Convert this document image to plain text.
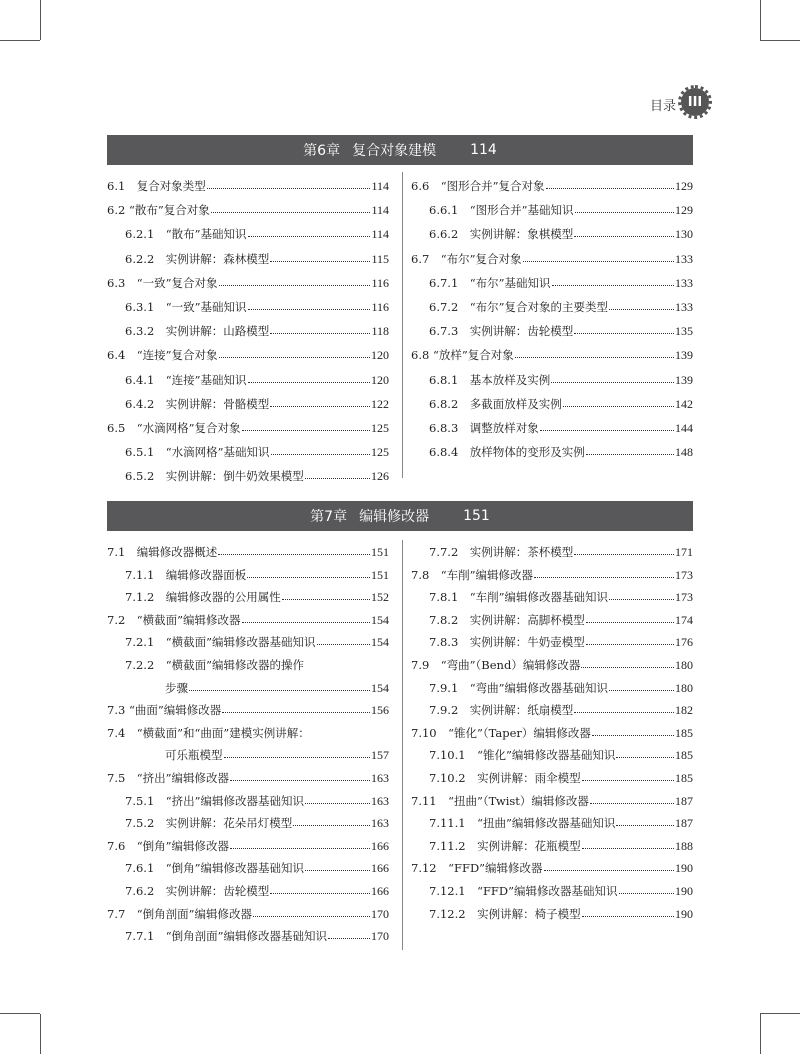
目录 III
第6章 复合对象建模 114
6.1　复合对象类型	114
6.2 “散布”复合对象	114
6.2.1　“散布”基础知识	114
6.2.2　实例讲解：森林模型	115
6.3　“一致”复合对象	116
6.3.1　“一致”基础知识	116
6.3.2　实例讲解：山路模型	118
6.4　“连接”复合对象	120
6.4.1　“连接”基础知识	120
6.4.2　实例讲解：骨骼模型	122
6.5　“水滴网格”复合对象	125
6.5.1　“水滴网格”基础知识	125
6.5.2　实例讲解：倒牛奶效果模型	126
6.6　“图形合并”复合对象	129
6.6.1　“图形合并”基础知识	129
6.6.2　实例讲解：象棋模型	130
6.7　“布尔”复合对象	133
6.7.1　“布尔”基础知识	133
6.7.2　“布尔”复合对象的主要类型	133
6.7.3　实例讲解：齿轮模型	135
6.8 “放样”复合对象	139
6.8.1　基本放样及实例	139
6.8.2　多截面放样及实例	142
6.8.3　调整放样对象	144
6.8.4　放样物体的变形及实例	148
第7章 编辑修改器 151
7.1　编辑修改器概述	151
7.1.1　编辑修改器面板	151
7.1.2　编辑修改器的公用属性	152
7.2　“横截面”编辑修改器	154
7.2.1　“横截面”编辑修改器基础知识	154
7.2.2　“横截面”编辑修改器的操作
步骤	154
7.3 “曲面”编辑修改器	156
7.4　“横截面”和“曲面”建模实例讲解：
可乐瓶模型	157
7.5　“挤出”编辑修改器	163
7.5.1　“挤出”编辑修改器基础知识	163
7.5.2　实例讲解：花朵吊灯模型	163
7.6　“倒角”编辑修改器	166
7.6.1　“倒角”编辑修改器基础知识	166
7.6.2　实例讲解：齿轮模型	166
7.7　“倒角剖面”编辑修改器	170
7.7.1　“倒角剖面”编辑修改器基础知识	170
7.7.2　实例讲解：茶杯模型	171
7.8　“车削”编辑修改器	173
7.8.1　“车削”编辑修改器基础知识	173
7.8.2　实例讲解：高脚杯模型	174
7.8.3　实例讲解：牛奶壶模型	176
7.9　“弯曲”（Bend）编辑修改器	180
7.9.1　“弯曲”编辑修改器基础知识	180
7.9.2　实例讲解：纸扇模型	182
7.10　“锥化”（Taper）编辑修改器	185
7.10.1　“锥化”编辑修改器基础知识	185
7.10.2　实例讲解：雨伞模型	185
7.11　“扭曲”（Twist）编辑修改器	187
7.11.1　“扭曲”编辑修改器基础知识	187
7.11.2　实例讲解：花瓶模型	188
7.12　“FFD”编辑修改器	190
7.12.1　“FFD”编辑修改器基础知识	190
7.12.2　实例讲解：椅子模型	190
